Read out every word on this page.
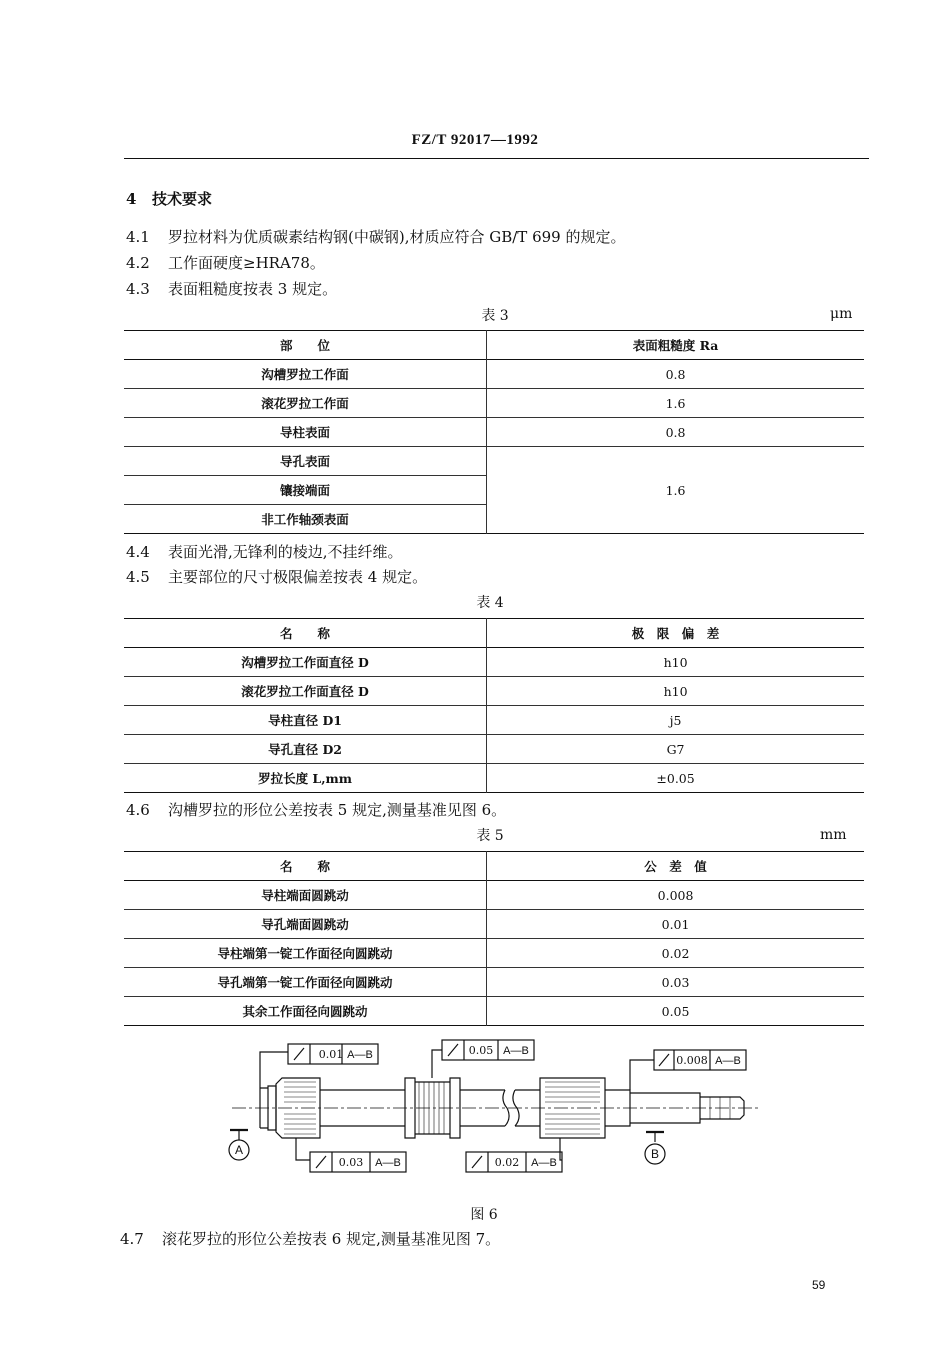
FZ/T 92017—1992
4 技术要求
4.1 罗拉材料为优质碳素结构钢(中碳钢),材质应符合 GB/T 699 的规定。
4.2 工作面硬度≥HRA78。
4.3 表面粗糙度按表 3 规定。
表 3	μm
部　　位	表面粗糙度 Ra
沟槽罗拉工作面	0.8
滚花罗拉工作面	1.6
导柱表面	0.8
导孔表面	1.6
镶接端面	
非工作轴颈表面	
4.4 表面光滑,无锋利的棱边,不挂纤维。
4.5 主要部位的尺寸极限偏差按表 4 规定。
表 4
名　　称	极　限　偏　差
沟槽罗拉工作面直径 D	h10
滚花罗拉工作面直径 D	h10
导柱直径 D1	j5
导孔直径 D2	G7
罗拉长度 L,mm	±0.05
4.6 沟槽罗拉的形位公差按表 5 规定,测量基准见图 6。
表 5	mm
名　　称	公　差　值
导柱端面圆跳动	0.008
导孔端面圆跳动	0.01
导柱端第一锭工作面径向圆跳动	0.02
导孔端第一锭工作面径向圆跳动	0.03
其余工作面径向圆跳动	0.05
0.01 A—B	0.05 A—B
0.008 A—B
0.03	A—B	0.02	A—B
A	B
图 6
4.7 滚花罗拉的形位公差按表 6 规定,测量基准见图 7。
59
